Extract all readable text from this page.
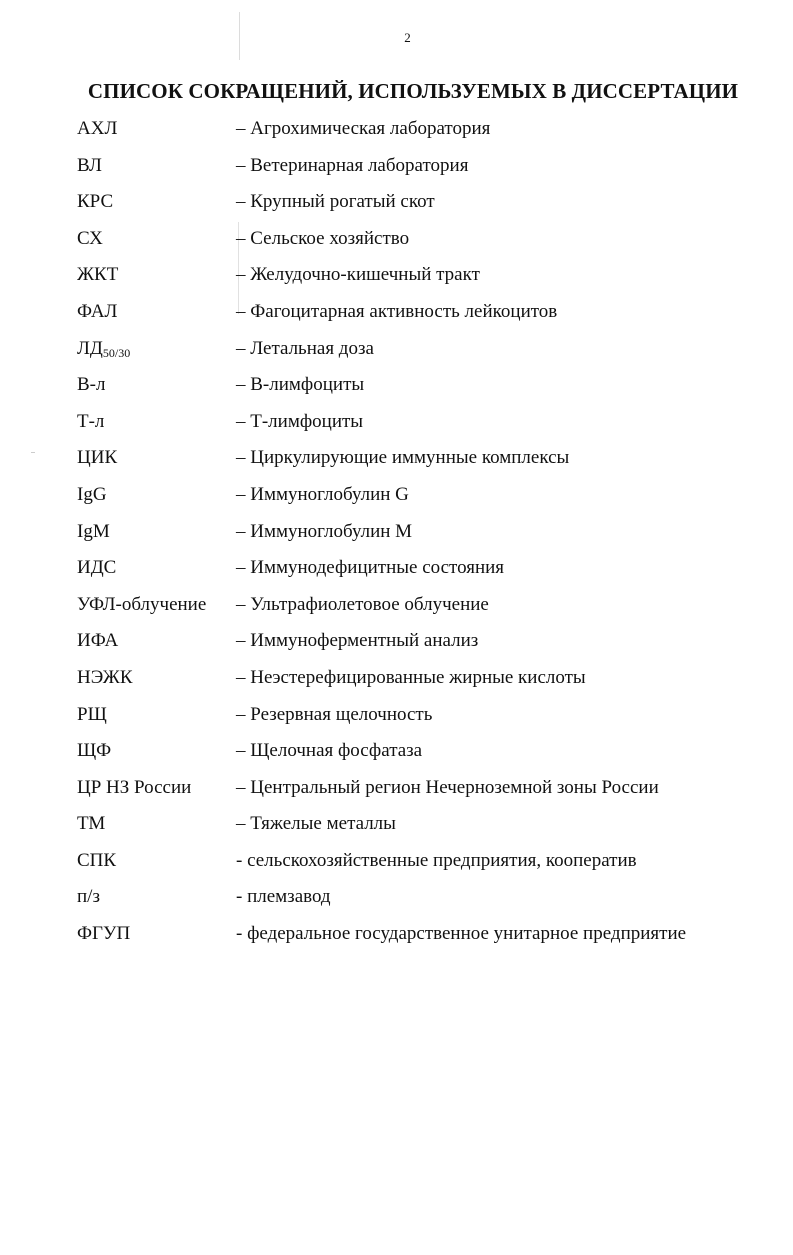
2
СПИСОК СОКРАЩЕНИЙ, ИСПОЛЬЗУЕМЫХ В ДИССЕРТАЦИИ
АХЛ	– Агрохимическая лаборатория
ВЛ	– Ветеринарная лаборатория
КРС	– Крупный рогатый скот
СХ	– Сельское хозяйство
ЖКТ	– Желудочно-кишечный тракт
ФАЛ	– Фагоцитарная активность лейкоцитов
$ЛД_{50/30}$	– Летальная доза
В-л	– В-лимфоциты
Т-л	– Т-лимфоциты
ЦИК	– Циркулирующие иммунные комплексы
IgG	– Иммуноглобулин G
IgM	– Иммуноглобулин М
ИДС	– Иммунодефицитные состояния
УФЛ-облучение – Ультрафиолетовое облучение
ИФА	– Иммуноферментный анализ
НЭЖК	– Неэстерефицированные жирные кислоты
РЩ	– Резервная щелочность
ЩФ	– Щелочная фосфатаза
ЦР НЗ России – Центральный регион Нечерноземной зоны России
ТМ	– Тяжелые металлы
СПК	- сельскохозяйственные предприятия, кооператив
п/з	- племзавод
ФГУП	- федеральное государственное унитарное предприятие
